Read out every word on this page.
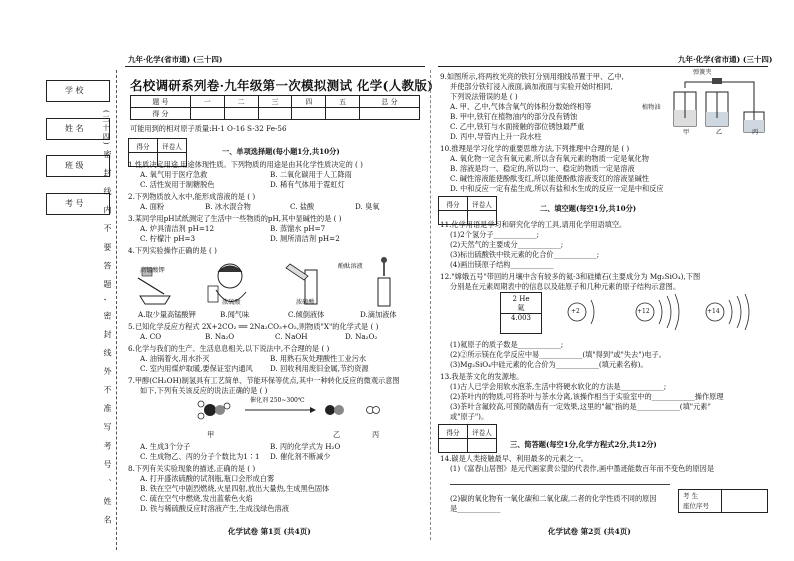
学 校
姓 名
班 级
考 号
(三十四)
密 封 线 内 不 要 答 题 , 密 封 线 外 不 准 写 考 号 、 姓 名
九年·化学(省市通) (三十四)	九年·化学(省市通) (三十四)
名校调研系列卷·九年级第一次模拟测试 化学(人教版)
题 号	一	二	三	四	五	总 分
得 分						
可能用到的相对原子质量:H-1 O-16 S-32 Fe-56
得分	评卷人

一、单项选择题(每小题1分,共10分)
1.性质决定用途,用途体现性质。下列物质的用途是由其化学性质决定的 ( )
A. 氧气用于医疗急救	B. 二氧化碳用于人工降雨
C. 活性炭用于制糖脱色	D. 稀有气体用于霓虹灯
2.下列物质放入水中,能形成溶液的是 ( )
A. 面粉	B. 冰水混合物	C. 盐酸	D. 臭氧
3.某同学用pH试纸测定了生活中一些物质的pH,其中显碱性的是 ( )
A. 炉具清洁剂 pH=12	B. 蒸馏水 pH=7
C. 柠檬汁 pH=3	D. 厕所清洁剂 pH=2
4.下列实验操作正确的是 ( )
高锰酸钾
浓硫酸
酚酞溶液
浓硫酸
A.取少量高锰酸钾	B.闻气味	C.倾倒液体	D.滴加液体
5.已知化学反应方程式 2X+2CO₂ ══ 2Na₂CO₃+O₂,则物质"X"的化学式是 ( )
A. CO	B. Na₂O	C. NaOH	D. Na₂O₂
6.化学与我们的生产、生活息息相关,以下说法中,不合理的是 ( )
A. 油锅着火,用水扑灭	B. 用熟石灰处理酸性工业污水
C. 室内用煤炉取暖,要保证室内通风 D. 回收利用废旧金属,节约资源
7.甲醇(CH₃OH)制氢具有工艺简单、节能环保等优点,其中一种转化反应的微观示意图
如下,下列有关该反应的说法正确的是 ( )
催化剂 250~300℃
甲	乙	丙
A. 生成3个分子	B. 丙的化学式为 H₂O
C. 生成物乙、丙的分子个数比为1∶1 D. 催化剂不断减少
8.下列有关实验现象的描述,正确的是 ( )
A. 打开盛浓硫酸的试剂瓶,瓶口会形成白雾
B. 铁在空气中剧烈燃烧,火星四射,放出大量热,生成黑色固体
C. 硫在空气中燃烧,发出蓝紫色火焰
D. 铁与稀硫酸反应时溶液产生,生成浅绿色溶液
化学试卷 第1页 (共4页)
9.如图所示,将两枚光亮的铁钉分别用细线吊置于甲、乙中,
并使部分铁钉浸入液面,滴加液面与实验开始时相同,
下列说法错误的是 ( )
A. 甲、乙中,气体含氧气的体积分数始终相等
B. 甲中,铁钉在植物油内的部分没有锈蚀
C. 乙中,铁钉与水面接触的部位锈蚀最严重
D. 丙中,导管内上升一段水柱
弹簧夹
植物油
甲	乙	丙
10.推理是学习化学的重要思维方法,下列推理中合理的是 ( )
A. 氧化物一定含有氧元素,所以含有氧元素的物质一定是氧化物
B. 溶液是均一、稳定的,所以均一、稳定的物质一定是溶液
C. 碱性溶液能使酚酞变红,所以能使酚酞溶液变红的溶液显碱性
D. 中和反应一定有盐生成,所以有盐和水生成的反应一定是中和反应
得分	评卷人
		二、填空题(每空1分,共10分)
11.化学用语是学习和研究化学的工具,请用化学用语填空。
(1)2个氢分子____________;
(2)天然气的主要成分____________;
(3)标出硫酸铁中铁元素的化合价____________;
(4)画出镁原子结构____________
12."嫦娥五号"带回的月壤中含有较多的氦-3和硅橄石(主要成分为 Mg₂SiO₄),下图
分别是在元素周期表中的信息以及硅原子和几种元素的原子结构示意图。
2 He
氦
4.003
+2	+12	+14
(1)氦原子的质子数是____________;
(2)②所示镁在化学反应中易____________(填"得到"或"失去")电子。
(3)Mg₂SiO₄中硅元素的化合价为____________(填元素名称)。
13.我是茶文化的发源地。
(1)古人已学会用软水泡茶,生活中将硬水软化的方法是____________;
(2)茶叶内的物质,可将茶叶与茶水分离,该操作相当于实验室中的____________操作原理
(3)茶叶含氟较高,可预防龋齿有一定效果,这里的"氟"指的是____________(填"元素"
或"原子")。
得分	评卷人

三、简答题(每空1分,化学方程式2分,共12分)
14.碳是人类接触最早、利用最多的元素之一。
(1)《富春山居图》是元代画家黄公望的代表作,画中墨迹能数百年而不变色的原因是
(2)碳的氧化物有一氧化碳和二氧化碳,二者的化学性质不同的原因
是____________
考 生
座位序号
化学试卷 第2页 (共4页)
